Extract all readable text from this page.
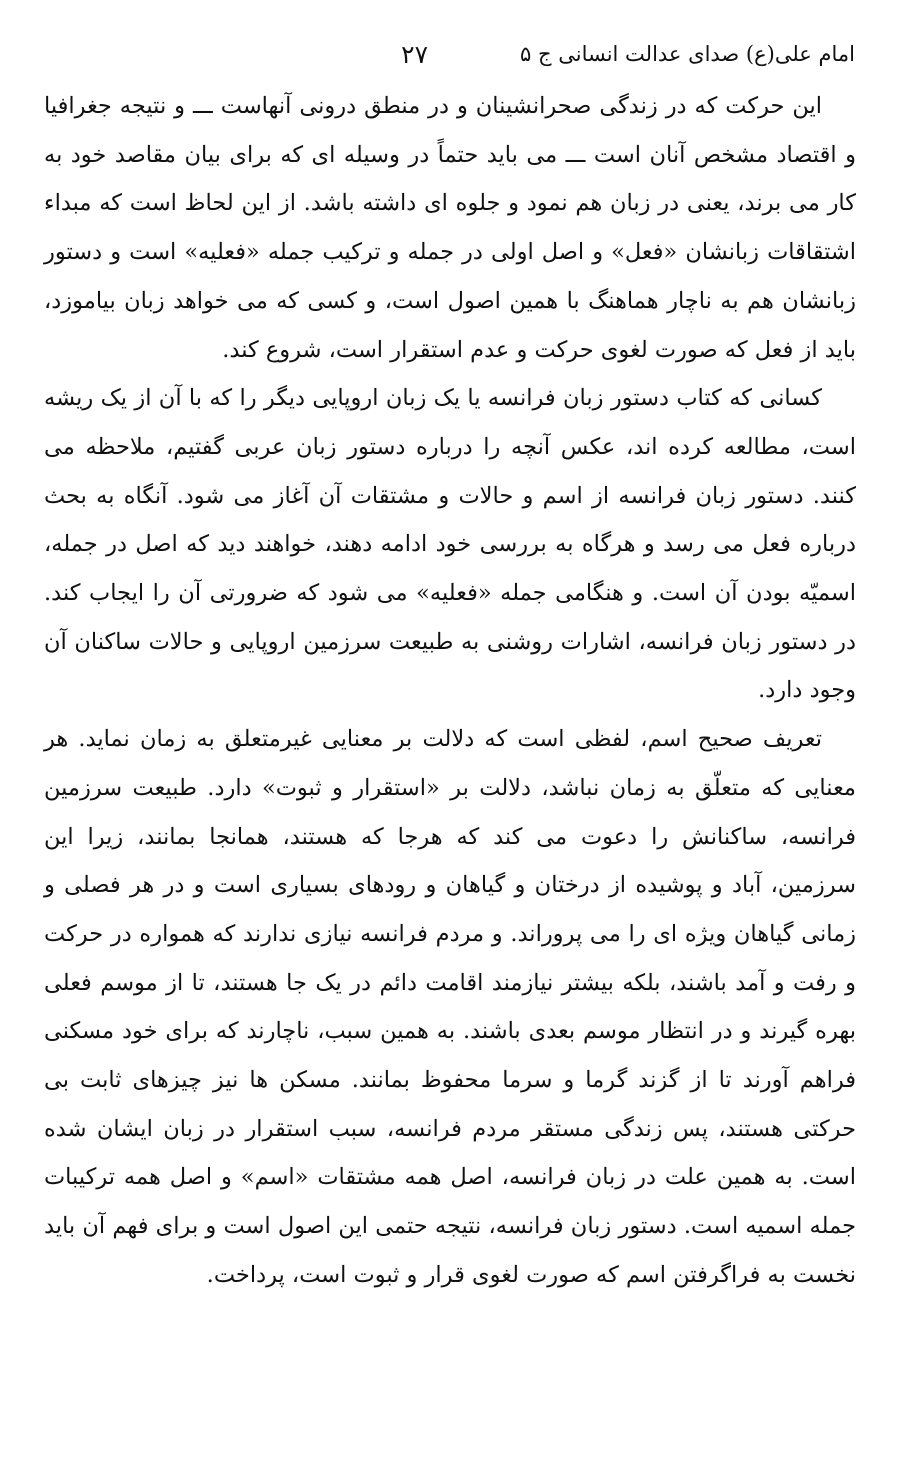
امام علی(ع) صدای عدالت انسانی ج ۵
۲۷

این حرکت که در زندگی صحرانشینان و در منطق درونی آنهاست ـــ و نتیجه جغرافیا و اقتصاد مشخص آنان است ـــ می باید حتماً در وسیله ای که برای بیان مقاصد خود به کار می برند، یعنی در زبان هم نمود و جلوه ای داشته باشد. از این لحاظ است که مبداء اشتقاقات زبانشان «فعل» و اصل اولی در جمله و ترکیب جمله «فعلیه» است و دستور زبانشان هم به ناچار هماهنگ با همین اصول است، و کسی که می خواهد زبان بیاموزد، باید از فعل که صورت لغوی حرکت و عدم استقرار است، شروع کند.

کسانی که کتاب دستور زبان فرانسه یا یک زبان اروپایی دیگر را که با آن از یک ریشه است، مطالعه کرده اند، عکس آنچه را درباره دستور زبان عربی گفتیم، ملاحظه می کنند. دستور زبان فرانسه از اسم و حالات و مشتقات آن آغاز می شود. آنگاه به بحث درباره فعل می رسد و هرگاه به بررسی خود ادامه دهند، خواهند دید که اصل در جمله، اسمیّه بودن آن است. و هنگامی جمله «فعلیه» می شود که ضرورتی آن را ایجاب کند. در دستور زبان فرانسه، اشارات روشنی به طبیعت سرزمین اروپایی و حالات ساکنان آن وجود دارد.

تعریف صحیح اسم، لفظی است که دلالت بر معنایی غیرمتعلق به زمان نماید. هر معنایی که متعلّق به زمان نباشد، دلالت بر «استقرار و ثبوت» دارد. طبیعت سرزمین فرانسه، ساکنانش را دعوت می کند که هرجا که هستند، همانجا بمانند، زیرا این سرزمین، آباد و پوشیده از درختان و گیاهان و رودهای بسیاری است و در هر فصلی و زمانی گیاهان ویژه ای را می پروراند. و مردم فرانسه نیازی ندارند که همواره در حرکت و رفت و آمد باشند، بلکه بیشتر نیازمند اقامت دائم در یک جا هستند، تا از موسم فعلی بهره گیرند و در انتظار موسم بعدی باشند. به همین سبب، ناچارند که برای خود مسکنی فراهم آورند تا از گزند گرما و سرما محفوظ بمانند. مسکن ها نیز چیزهای ثابت بی حرکتی هستند، پس زندگی مستقر مردم فرانسه، سبب استقرار در زبان ایشان شده است. به همین علت در زبان فرانسه، اصل همه مشتقات «اسم» و اصل همه ترکیبات جمله اسمیه است. دستور زبان فرانسه، نتیجه حتمی این اصول است و برای فهم آن باید نخست به فراگرفتن اسم که صورت لغوی قرار و ثبوت است، پرداخت.
